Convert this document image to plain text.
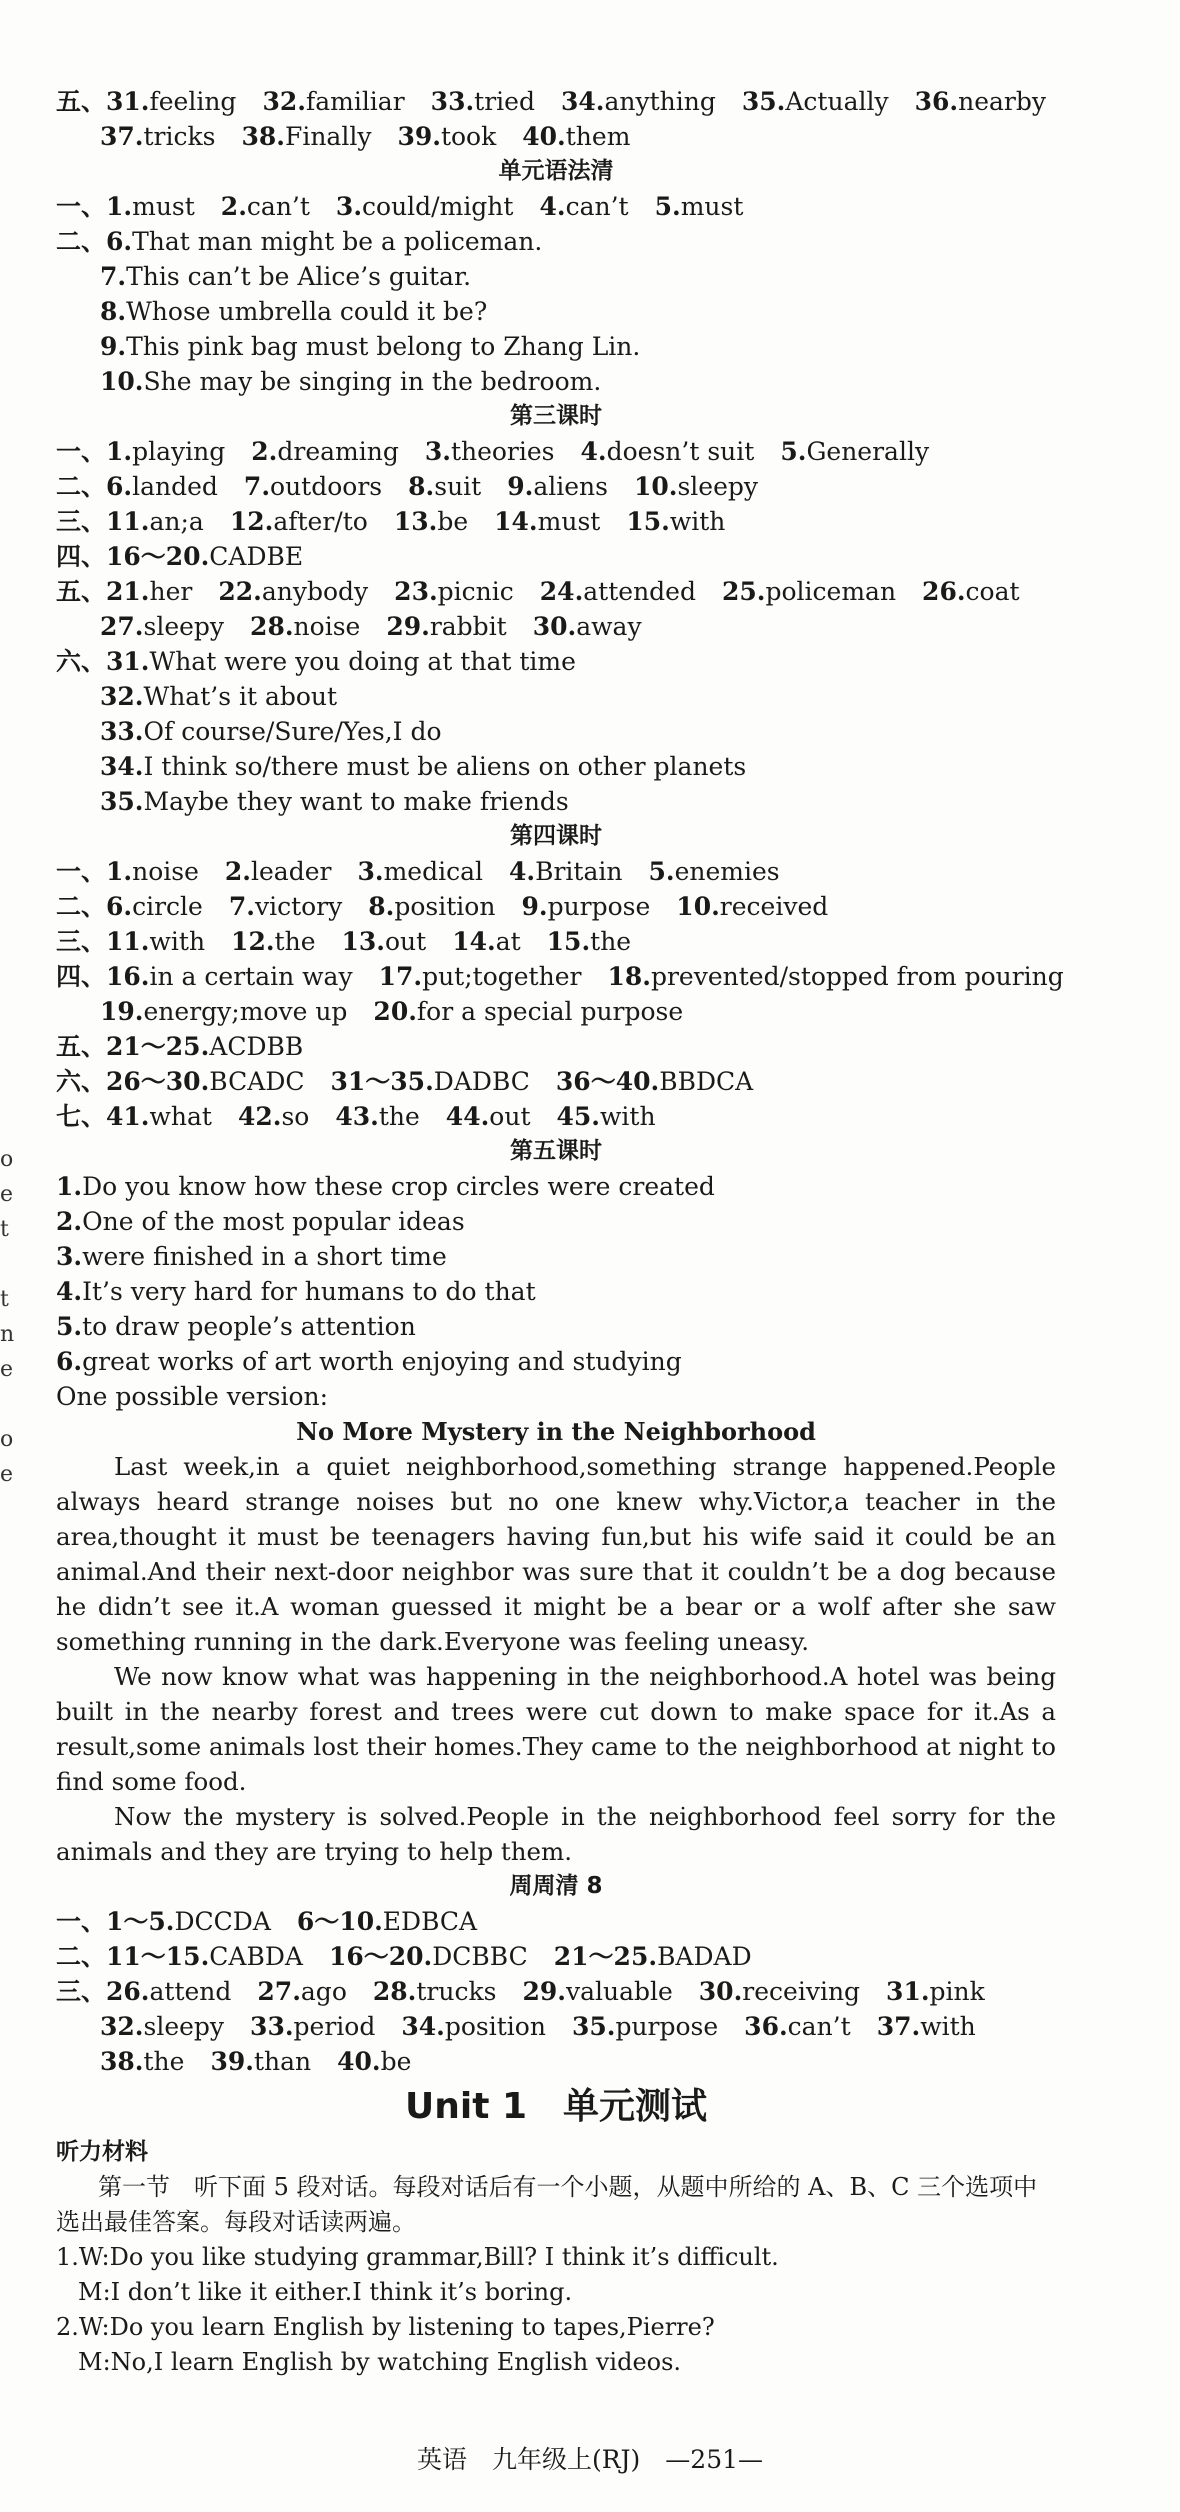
o
e
t
t
n
e
o
e
五、31.feeling 32.familiar 33.tried 34.anything 35.Actually 36.nearby
37.tricks 38.Finally 39.took 40.them
单元语法清
一、1.must 2.can’t 3.could/might 4.can’t 5.must
二、6.That man might be a policeman.
7.This can’t be Alice’s guitar.
8.Whose umbrella could it be?
9.This pink bag must belong to Zhang Lin.
10.She may be singing in the bedroom.
第三课时
一、1.playing 2.dreaming 3.theories 4.doesn’t suit 5.Generally
二、6.landed 7.outdoors 8.suit 9.aliens 10.sleepy
三、11.an;a 12.after/to 13.be 14.must 15.with
四、16～20.CADBE
五、21.her 22.anybody 23.picnic 24.attended 25.policeman 26.coat
27.sleepy 28.noise 29.rabbit 30.away
六、31.What were you doing at that time
32.What’s it about
33.Of course/Sure/Yes,I do
34.I think so/there must be aliens on other planets
35.Maybe they want to make friends
第四课时
一、1.noise 2.leader 3.medical 4.Britain 5.enemies
二、6.circle 7.victory 8.position 9.purpose 10.received
三、11.with 12.the 13.out 14.at 15.the
四、16.in a certain way 17.put;together 18.prevented/stopped from pouring
19.energy;move up 20.for a special purpose
五、21～25.ACDBB
六、26～30.BCADC 31～35.DADBC 36～40.BBDCA
七、41.what 42.so 43.the 44.out 45.with
第五课时
1.Do you know how these crop circles were created
2.One of the most popular ideas
3.were finished in a short time
4.It’s very hard for humans to do that
5.to draw people’s attention
6.great works of art worth enjoying and studying
One possible version:
No More Mystery in the Neighborhood

Last week,in a quiet neighborhood,something strange happened.People always heard strange noises but no one knew why.Victor,a teacher in the area,thought it must be teenagers having fun,but his wife said it could be an animal.And their next-door neighbor was sure that it couldn’t be a dog because he didn’t see it.A woman guessed it might be a bear or a wolf after she saw something running in the dark.Everyone was feeling uneasy.

We now know what was happening in the neighborhood.A hotel was being built in the nearby forest and trees were cut down to make space for it.As a result,some animals lost their homes.They came to the neighborhood at night to find some food.

Now the mystery is solved.People in the neighborhood feel sorry for the animals and they are trying to help them.

周周清 8
一、1～5.DCCDA 6～10.EDBCA
二、11～15.CABDA 16～20.DCBBC 21～25.BADAD
三、26.attend 27.ago 28.trucks 29.valuable 30.receiving 31.pink
32.sleepy 33.period 34.position 35.purpose 36.can’t 37.with
38.the 39.than 40.be
Unit 1　单元测试
听力材料

第一节　听下面 5 段对话。每段对话后有一个小题，从题中所给的 A、B、C 三个选项中选出最佳答案。每段对话读两遍。

1.W:Do you like studying grammar,Bill? I think it’s difficult.
M:I don’t like it either.I think it’s boring.
2.W:Do you learn English by listening to tapes,Pierre?
M:No,I learn English by watching English videos.
英语　九年级上(RJ)　—251—
